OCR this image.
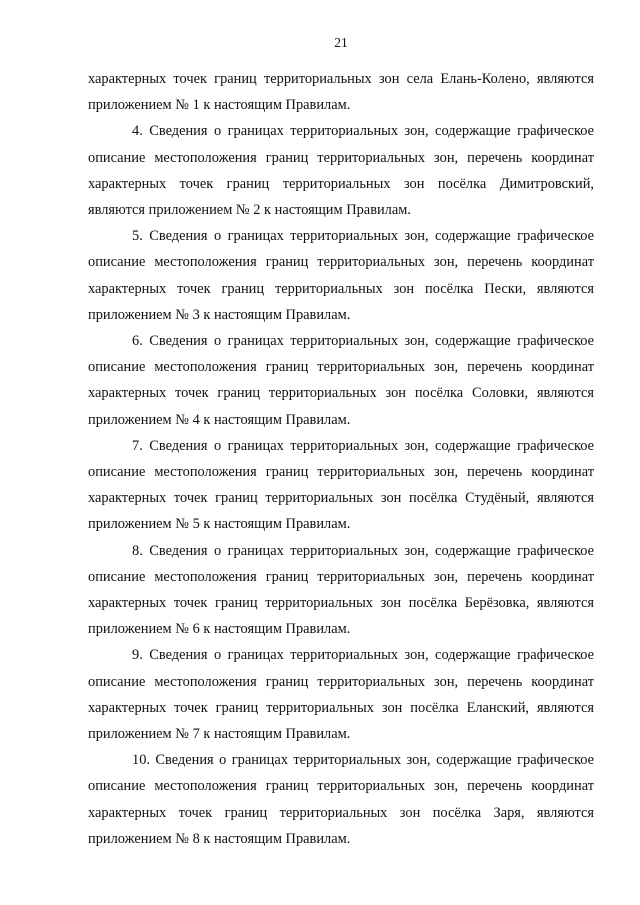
21

характерных точек границ территориальных зон села Елань-Колено, являются приложением № 1 к настоящим Правилам.

4. Сведения о границах территориальных зон, содержащие графическое описание местоположения границ территориальных зон, перечень координат характерных точек границ территориальных зон посёлка Димитровский, являются приложением № 2 к настоящим Правилам.

5. Сведения о границах территориальных зон, содержащие графическое описание местоположения границ территориальных зон, перечень координат характерных точек границ территориальных зон посёлка Пески, являются приложением № 3 к настоящим Правилам.

6. Сведения о границах территориальных зон, содержащие графическое описание местоположения границ территориальных зон, перечень координат характерных точек границ территориальных зон посёлка Соловки, являются приложением № 4 к настоящим Правилам.

7. Сведения о границах территориальных зон, содержащие графическое описание местоположения границ территориальных зон, перечень координат характерных точек границ территориальных зон посёлка Студёный, являются приложением № 5 к настоящим Правилам.

8. Сведения о границах территориальных зон, содержащие графическое описание местоположения границ территориальных зон, перечень координат характерных точек границ территориальных зон посёлка Берёзовка, являются приложением № 6 к настоящим Правилам.

9. Сведения о границах территориальных зон, содержащие графическое описание местоположения границ территориальных зон, перечень координат характерных точек границ территориальных зон посёлка Еланский, являются приложением № 7 к настоящим Правилам.

10. Сведения о границах территориальных зон, содержащие графическое описание местоположения границ территориальных зон, перечень координат характерных точек границ территориальных зон посёлка Заря, являются приложением № 8 к настоящим Правилам.
